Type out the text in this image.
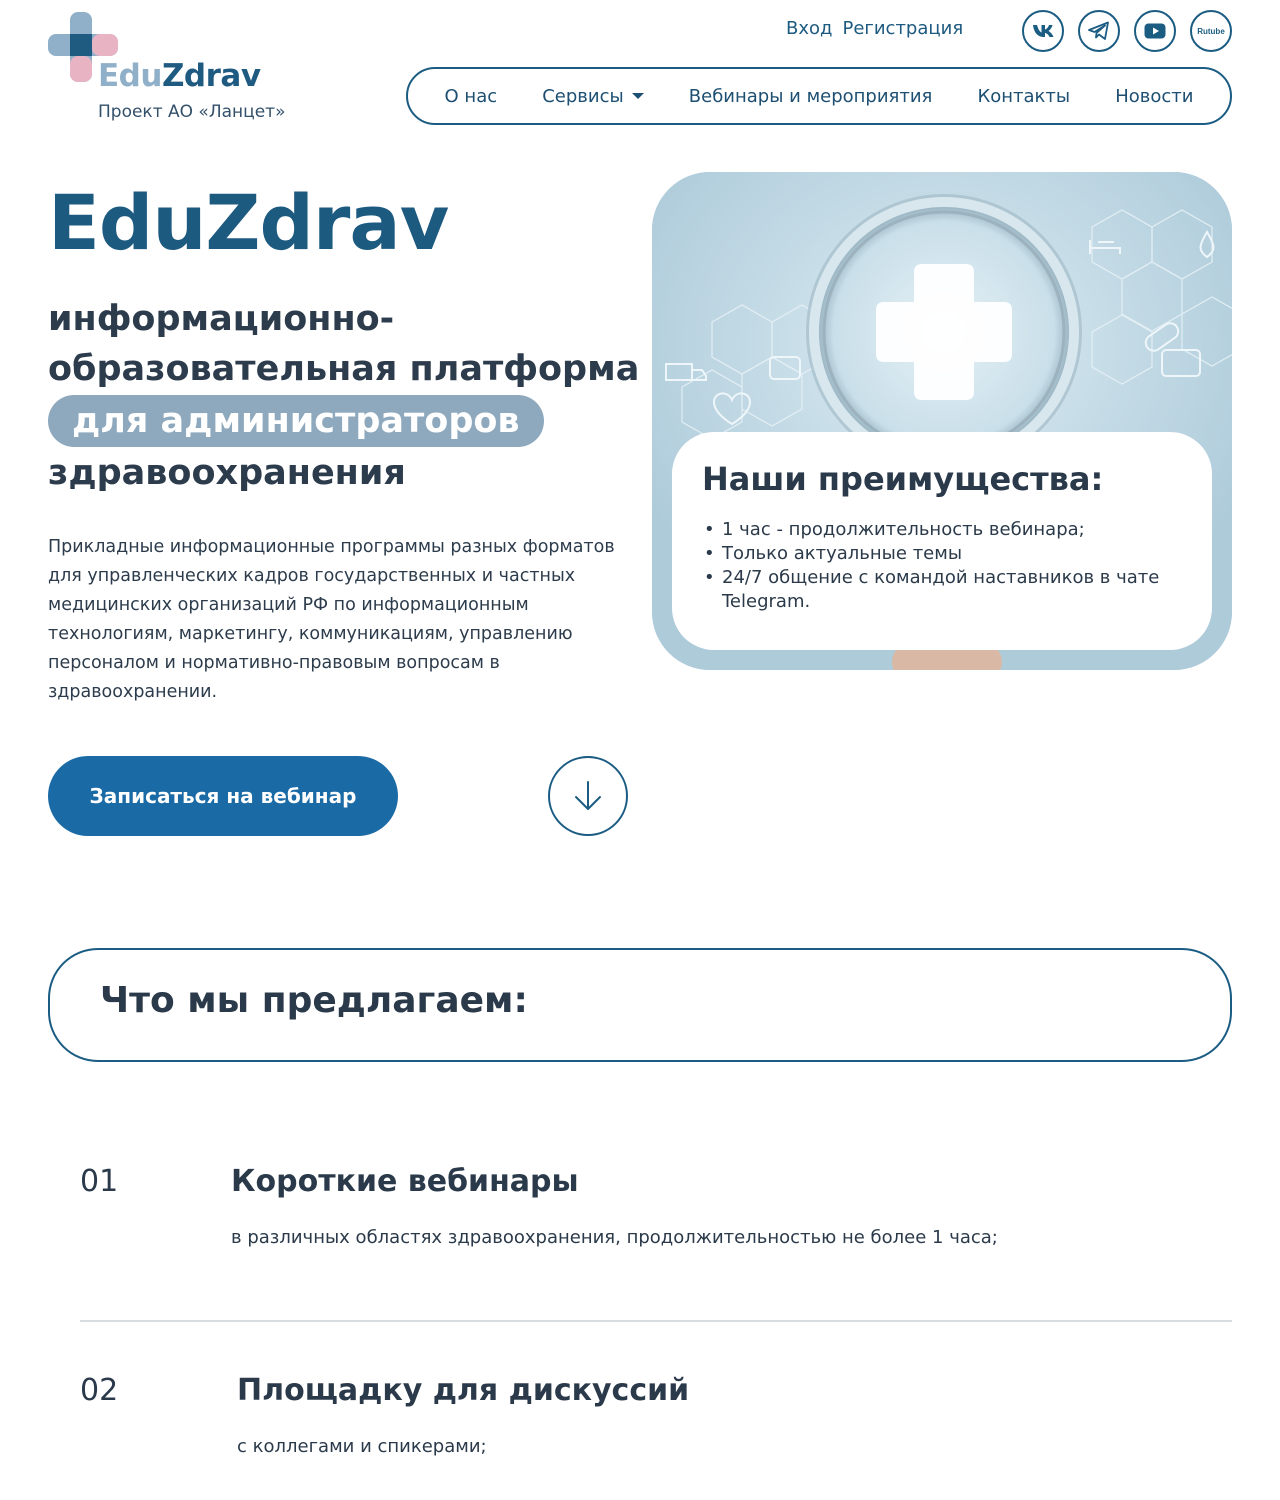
EduZdrav
Проект АО «Ланцет»
Вход Регистрация	Rutube
О нас	Сервисы	Вебинары и мероприятия	Контакты	Новости
EduZdrav
информационно-
образовательная платформа
для администраторов
здравоохранения

Прикладные информационные программы разных форматов для управленческих кадров государственных и частных медицинских организаций РФ по информационным технологиям, маркетингу, коммуникациям, управлению персоналом и нормативно-правовым вопросам в здравоохранении.

Записаться на вебинар
Наши преимущества:
• 1 час - продолжительность вебинара;
• Только актуальные темы
• 24/7 общение с командой наставников в чате Telegram.
Что мы предлагаем:
01	Короткие вебинары
в различных областях здравоохранения, продолжительностью не более 1 часа;
02	Площадку для дискуссий
с коллегами и спикерами;
